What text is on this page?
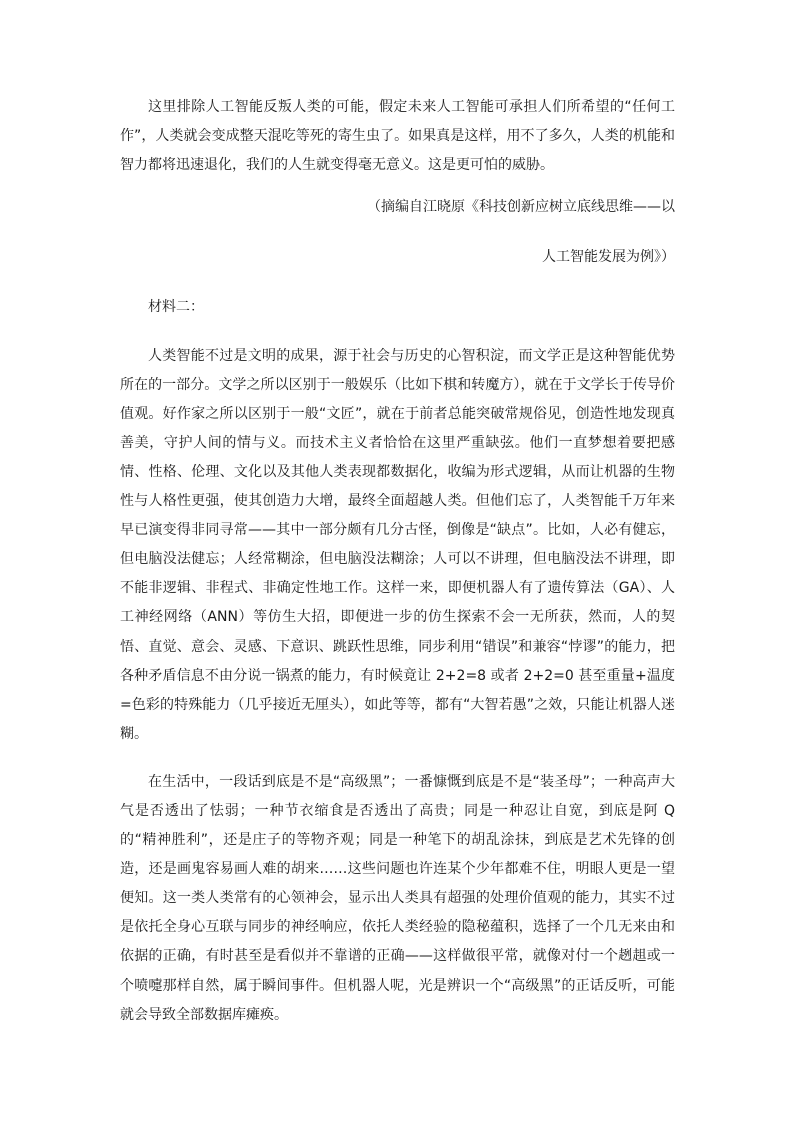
这里排除人工智能反叛人类的可能，假定未来人工智能可承担人们所希望的“任何工作”，人类就会变成整天混吃等死的寄生虫了。如果真是这样，用不了多久，人类的机能和智力都将迅速退化，我们的人生就变得毫无意义。这是更可怕的威胁。

（摘编自江晓原《科技创新应树立底线思维——以
人工智能发展为例》）

材料二：

人类智能不过是文明的成果，源于社会与历史的心智积淀，而文学正是这种智能优势所在的一部分。文学之所以区别于一般娱乐（比如下棋和转魔方），就在于文学长于传导价值观。好作家之所以区别于一般“文匠”，就在于前者总能突破常规俗见，创造性地发现真善美，守护人间的情与义。而技术主义者恰恰在这里严重缺弦。他们一直梦想着要把感情、性格、伦理、文化以及其他人类表现都数据化，收编为形式逻辑，从而让机器的生物性与人格性更强，使其创造力大增，最终全面超越人类。但他们忘了，人类智能千万年来早已演变得非同寻常——其中一部分颇有几分古怪，倒像是“缺点”。比如，人必有健忘，但电脑没法健忘；人经常糊涂，但电脑没法糊涂；人可以不讲理，但电脑没法不讲理，即不能非逻辑、非程式、非确定性地工作。这样一来，即便机器人有了遗传算法（GA）、人工神经网络（ANN）等仿生大招，即便进一步的仿生探索不会一无所获，然而，人的契悟、直觉、意会、灵感、下意识、跳跃性思维，同步利用“错误”和兼容“悖谬”的能力，把各种矛盾信息不由分说一锅煮的能力，有时候竟让 2+2=8 或者 2+2=0 甚至重量+温度=色彩的特殊能力（几乎接近无厘头），如此等等，都有“大智若愚”之效，只能让机器人迷糊。

在生活中，一段话到底是不是“高级黑”；一番慷慨到底是不是“装圣母”；一种高声大气是否透出了怯弱；一种节衣缩食是否透出了高贵；同是一种忍让自宽，到底是阿 Q 的“精神胜利”，还是庄子的等物齐观；同是一种笔下的胡乱涂抹，到底是艺术先锋的创造，还是画鬼容易画人难的胡来……这些问题也许连某个少年都难不住，明眼人更是一望便知。这一类人类常有的心领神会，显示出人类具有超强的处理价值观的能力，其实不过是依托全身心互联与同步的神经响应，依托人类经验的隐秘蕴积，选择了一个几无来由和依据的正确，有时甚至是看似并不靠谱的正确——这样做很平常，就像对付一个趔趄或一个喷嚏那样自然，属于瞬间事件。但机器人呢，光是辨识一个“高级黑”的正话反听，可能就会导致全部数据库瘫痪。
